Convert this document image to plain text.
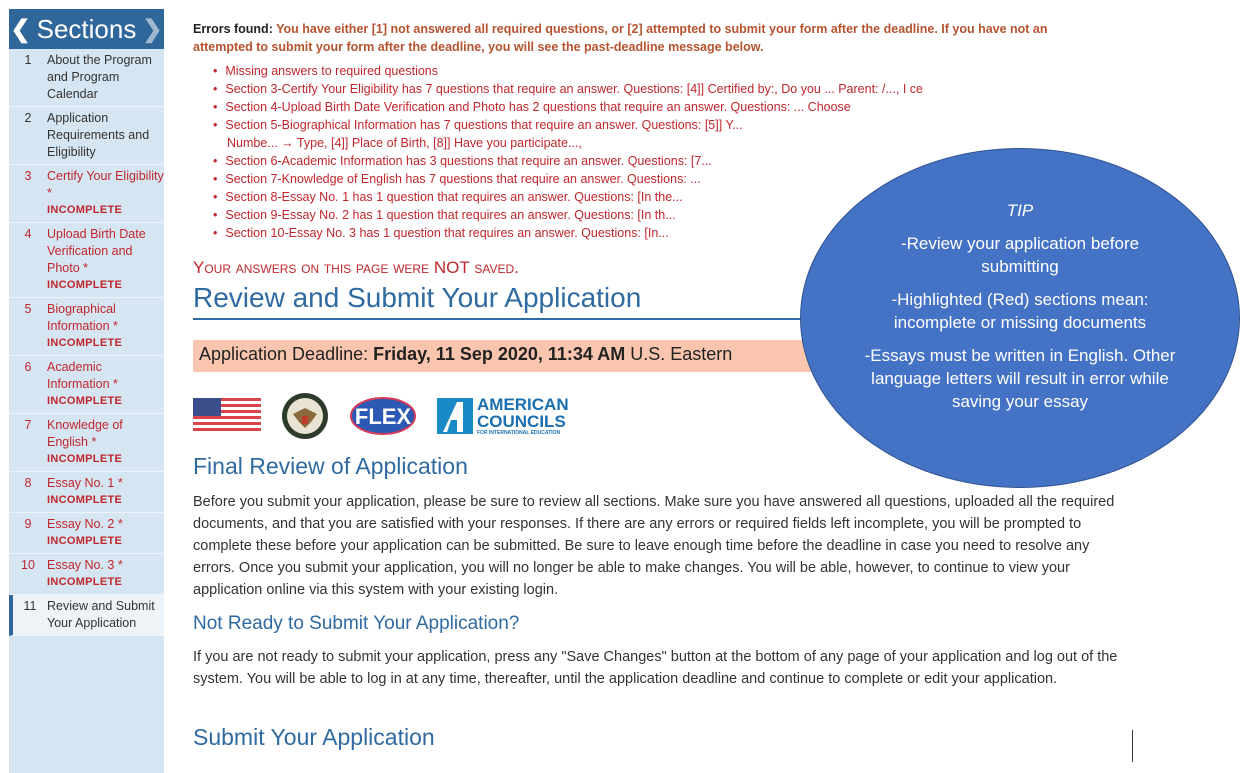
❮ Sections ❯
1	About the Program and Program Calendar
2	Application Requirements and Eligibility
3	Certify Your Eligibility *
INCOMPLETE
4	Upload Birth Date Verification and Photo *
INCOMPLETE
5	Biographical Information *
INCOMPLETE
6	Academic Information *
INCOMPLETE
7	Knowledge of English *
INCOMPLETE
8	Essay No. 1 *
INCOMPLETE
9	Essay No. 2 *
INCOMPLETE
10 Essay No. 3 *
INCOMPLETE
11 Review and Submit Your Application
Errors found: You have either [1] not answered all required questions, or [2] attempted to submit your form after the deadline. If you have not an
attempted to submit your form after the deadline, you will see the past-deadline message below.
• Missing answers to required questions
• Section 3-Certify Your Eligibility has 7 questions that require an answer. Questions: [4]] Certified by:, Do you ... Parent: /..., I ce
• Section 4-Upload Birth Date Verification and Photo has 2 questions that require an answer. Questions: ... Choose
• Section 5-Biographical Information has 7 questions that require an answer. Questions: [5]] Y...
Numbe... → Type, [4]] Place of Birth, [8]] Have you participate...,
• Section 6-Academic Information has 3 questions that require an answer. Questions: [7...
• Section 7-Knowledge of English has 7 questions that require an answer. Questions: ...
• Section 8-Essay No. 1 has 1 question that requires an answer. Questions: [In the...
• Section 9-Essay No. 2 has 1 question that requires an answer. Questions: [In th...
• Section 10-Essay No. 3 has 1 question that requires an answer. Questions: [In...
Your answers on this page were NOT saved.
Review and Submit Your Application
Application Deadline: Friday, 11 Sep 2020, 11:34 AM U.S. Eastern
FLEX	AMERICAN
COUNCILS
FOR INTERNATIONAL EDUCATION
Final Review of Application

Before you submit your application, please be sure to review all sections. Make sure you have answered all questions, uploaded all the required documents, and that you are satisfied with your responses. If there are any errors or required fields left incomplete, you will be prompted to complete these before your application can be submitted. Be sure to leave enough time before the deadline in case you need to resolve any errors. Once you submit your application, you will no longer be able to make changes. You will be able, however, to continue to view your application online via this system with your existing login.

Not Ready to Submit Your Application?

If you are not ready to submit your application, press any "Save Changes" button at the bottom of any page of your application and log out of the system. You will be able to log in at any time, thereafter, until the application deadline and continue to complete or edit your application.

Submit Your Application

TIP

-Review your application before submitting

-Highlighted (Red) sections mean: incomplete or missing documents

-Essays must be written in English. Other language letters will result in error while saving your essay
